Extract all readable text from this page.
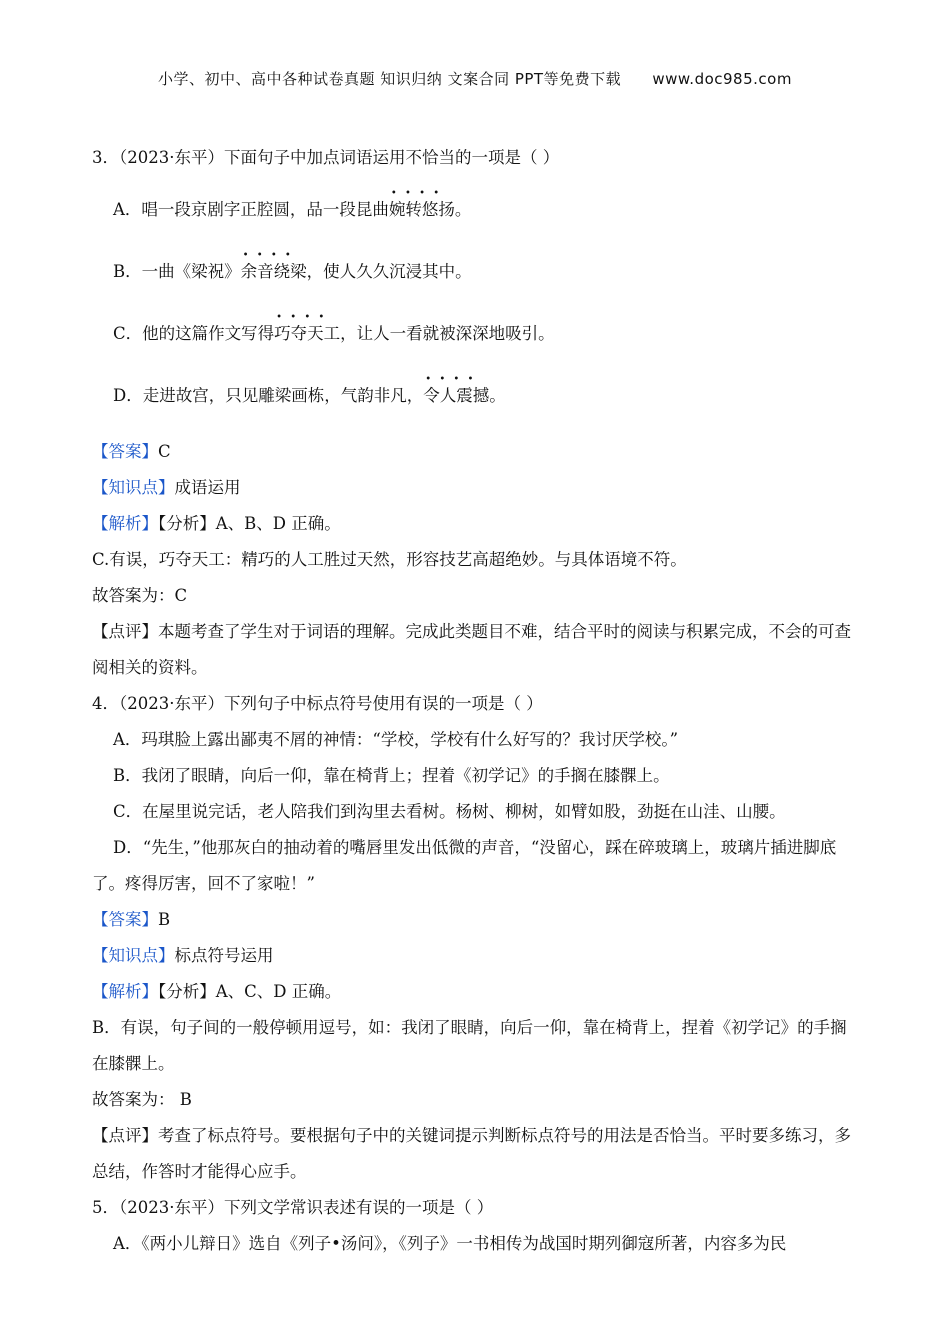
小学、初中、高中各种试卷真题 知识归纳 文案合同 PPT等免费下载 www.doc985.com

3．（2023·东平）下面句子中加点词语运用不恰当的一项是（ ）

A．唱一段京剧字正腔圆，品一段昆曲• • • • 婉转悠扬。
B．一曲《梁祝》• • • • 余音绕梁，使人久久沉浸其中。
C．他的这篇作文写得• • • • 巧夺天工，让人一看就被深深地吸引。
D．走进故宫，只见雕梁画栋，气韵非凡，• • • • 令人震撼。

【答案】C

【知识点】成语运用

【解析】【分析】A、B、D 正确。

C.有误，巧夺天工：精巧的人工胜过天然，形容技艺高超绝妙。与具体语境不符。

故答案为：C

【点评】本题考查了学生对于词语的理解。完成此类题目不难，结合平时的阅读与积累完成，不会的可查阅相关的资料。

4．（2023·东平）下列句子中标点符号使用有误的一项是（ ）

A．玛琪脸上露出鄙夷不屑的神情：“学校，学校有什么好写的？我讨厌学校。”
B．我闭了眼睛，向后一仰，靠在椅背上；捏着《初学记》的手搁在膝髁上。
C．在屋里说完话，老人陪我们到沟里去看树。杨树、柳树，如臂如股，劲挺在山洼、山腰。
D．“先生，”他那灰白的抽动着的嘴唇里发出低微的声音，“没留心，踩在碎玻璃上，玻璃片插进脚底了。疼得厉害，回不了家啦！”

【答案】B

【知识点】标点符号运用

【解析】【分析】A、C、D 正确。

B．有误，句子间的一般停顿用逗号，如：我闭了眼睛，向后一仰，靠在椅背上，捏着《初学记》的手搁在膝髁上。

故答案为： B

【点评】考查了标点符号。要根据句子中的关键词提示判断标点符号的用法是否恰当。平时要多练习，多总结，作答时才能得心应手。

5．（2023·东平）下列文学常识表述有误的一项是（ ）

A．《两小儿辩日》选自《列子•汤问》，《列子》一书相传为战国时期列御寇所著，内容多为民
